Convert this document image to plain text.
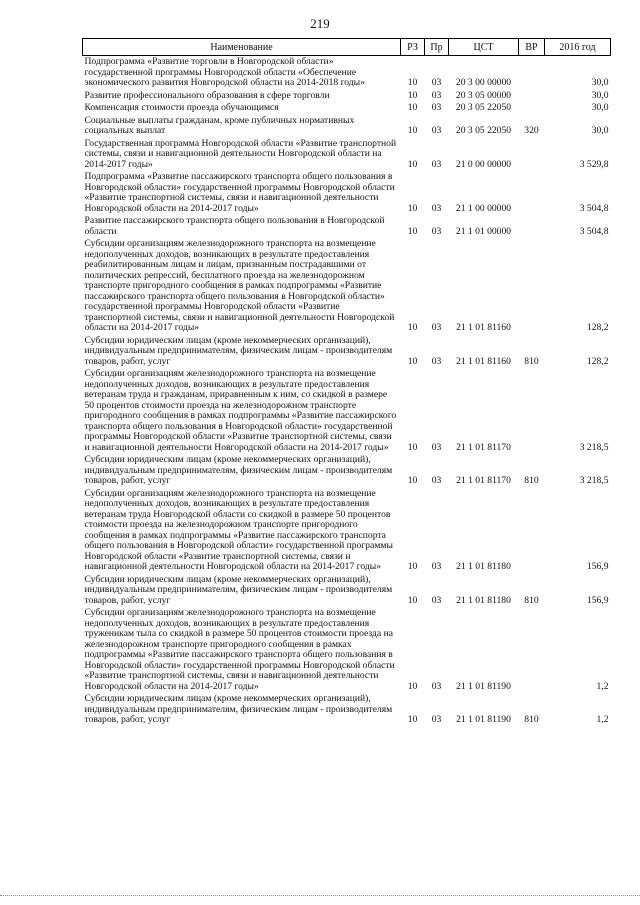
219
Наименование	РЗ	Пр	ЦСТ	ВР	2016 год
Подпрограмма «Развитие торговли в Новгородской области» государственной программы Новгородской области «Обеспечение экономического развития Новгородской области на 2014-2018 годы»	10	03	20 3 00 00000		30,0
Развитие профессионального образования в сфере торговли	10	03	20 3 05 00000		30,0
Компенсация стоимости проезда обучающимся	10	03	20 3 05 22050		30,0
Социальные выплаты гражданам, кроме публичных нормативных социальных выплат	10	03	20 3 05 22050	320	30,0
Государственная программа Новгородской области «Развитие транспортной системы, связи и навигационной деятельности Новгородской области на 2014-2017 годы»	10	03	21 0 00 00000		3 529,8
Подпрограмма «Развитие пассажирского транспорта общего пользования в Новгородской области» государственной программы Новгородской области «Развитие транспортной системы, связи и навигационной деятельности Новгородской области на 2014-2017 годы»	10	03	21 1 00 00000		3 504,8
Развитие пассажирского транспорта общего пользования в Новгородской области	10	03	21 1 01 00000		3 504,8
Субсидии организациям железнодорожного транспорта на возмещение недополученных доходов, возникающих в результате предоставления реабилитированным лицам и лицам, признанным пострадавшими от политических репрессий, бесплатного проезда на железнодорожном транспорте пригородного сообщения в рамках подпрограммы «Развитие пассажирского транспорта общего пользования в Новгородской области» государственной программы Новгородской области «Развитие транспортной системы, связи и навигационной деятельности Новгородской области на 2014-2017 годы»	10	03	21 1 01 81160		128,2
Субсидии юридическим лицам (кроме некоммерческих организаций), индивидуальным предпринимателям, физическим лицам - производителям товаров, работ, услуг	10	03	21 1 01 81160	810	128,2
Субсидии организациям железнодорожного транспорта на возмещение недополученных доходов, возникающих в результате предоставления ветеранам труда и гражданам, приравненным к ним, со скидкой в размере 50 процентов стоимости проезда на железнодорожном транспорте пригородного сообщения в рамках подпрограммы «Развитие пассажирского транспорта общего пользования в Новгородской области» государственной программы Новгородской области «Развитие транспортной системы, связи и навигационной деятельности Новгородской области на 2014-2017 годы»	10	03	21 1 01 81170		3 218,5
Субсидии юридическим лицам (кроме некоммерческих организаций), индивидуальным предпринимателям, физическим лицам - производителям товаров, работ, услуг	10	03	21 1 01 81170	810	3 218,5
Субсидии организациям железнодорожного транспорта на возмещение недополученных доходов, возникающих в результате предоставления ветеранам труда Новгородской области со скидкой в размере 50 процентов стоимости проезда на железнодорожном транспорте пригородного сообщения в рамках подпрограммы «Развитие пассажирского транспорта общего пользования в Новгородской области» государственной программы Новгородской области «Развитие транспортной системы, связи и навигационной деятельности Новгородской области на 2014-2017 годы»	10	03	21 1 01 81180		156,9
Субсидии юридическим лицам (кроме некоммерческих организаций), индивидуальным предпринимателям, физическим лицам - производителям товаров, работ, услуг	10	03	21 1 01 81180	810	156,9
Субсидии организациям железнодорожного транспорта на возмещение недополученных доходов, возникающих в результате предоставления труженикам тыла со скидкой в размере 50 процентов стоимости проезда на железнодорожном транспорте пригородного сообщения в рамках подпрограммы «Развитие пассажирского транспорта общего пользования в Новгородской области» государственной программы Новгородской области «Развитие транспортной системы, связи и навигационной деятельности Новгородской области на 2014-2017 годы»	10	03	21 1 01 81190		1,2
Субсидии юридическим лицам (кроме некоммерческих организаций), индивидуальным предпринимателям, физическим лицам - производителям товаров, работ, услуг	10	03	21 1 01 81190	810	1,2
